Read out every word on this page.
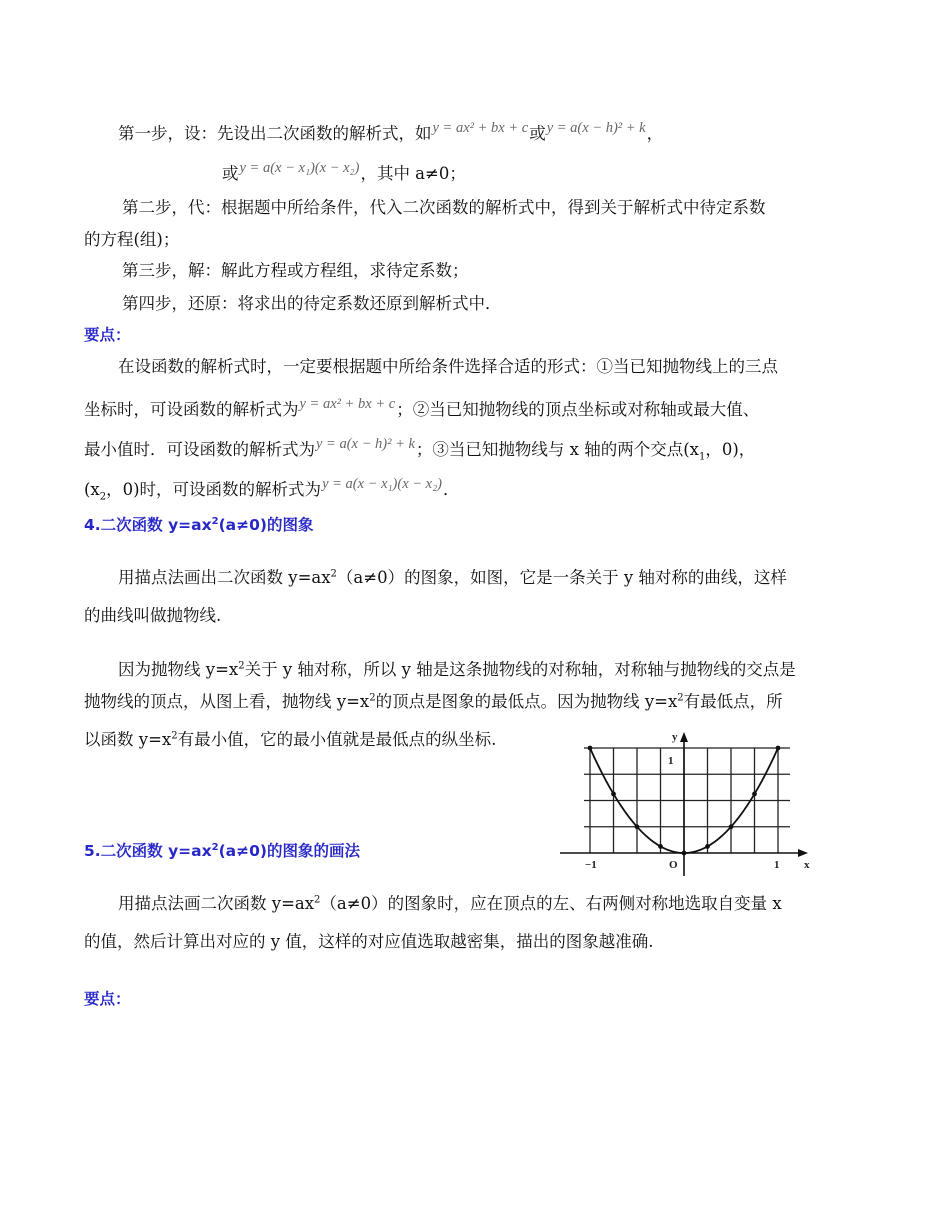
第一步，设：先设出二次函数的解析式，如y = ax² + bx + c或y = a(x − h)² + k，
或y = a(x − x₁)(x − x₂)，其中 a≠0；
第二步，代：根据题中所给条件，代入二次函数的解析式中，得到关于解析式中待定系数
的方程(组)；
第三步，解：解此方程或方程组，求待定系数；
第四步，还原：将求出的待定系数还原到解析式中．
要点：
在设函数的解析式时，一定要根据题中所给条件选择合适的形式：①当已知抛物线上的三点
坐标时，可设函数的解析式为y = ax² + bx + c；②当已知抛物线的顶点坐标或对称轴或最大值、
最小值时．可设函数的解析式为y = a(x − h)² + k；③当已知抛物线与 x 轴的两个交点($x_1$，0)，
($x_2$，0)时，可设函数的解析式为y = a(x − x₁)(x − x₂)．
4.二次函数 $y=ax^2(a\ne 0)$的图象
用描点法画出二次函数 $y=ax^2(a\ne 0)$的图象，如图，它是一条关于 y 轴对称的曲线，这样
的曲线叫做抛物线.
因为抛物线 $y=x^2$关于 y 轴对称，所以 y 轴是这条抛物线的对称轴，对称轴与抛物线的交点是
抛物线的顶点，从图上看，抛物线 $y=x^2$的顶点是图象的最低点。因为抛物线 $y=x^2$有最低点，所
以函数 $y=x^2$有最小值，它的最小值就是最低点的纵坐标.	y
1
−1	O	1 x
5.二次函数 $y=ax^2(a\ne 0)$的图象的画法
用描点法画二次函数 $y=ax^2(a\ne 0)$的图象时，应在顶点的左、右两侧对称地选取自变量 x
的值，然后计算出对应的 y 值，这样的对应值选取越密集，描出的图象越准确.
要点：
